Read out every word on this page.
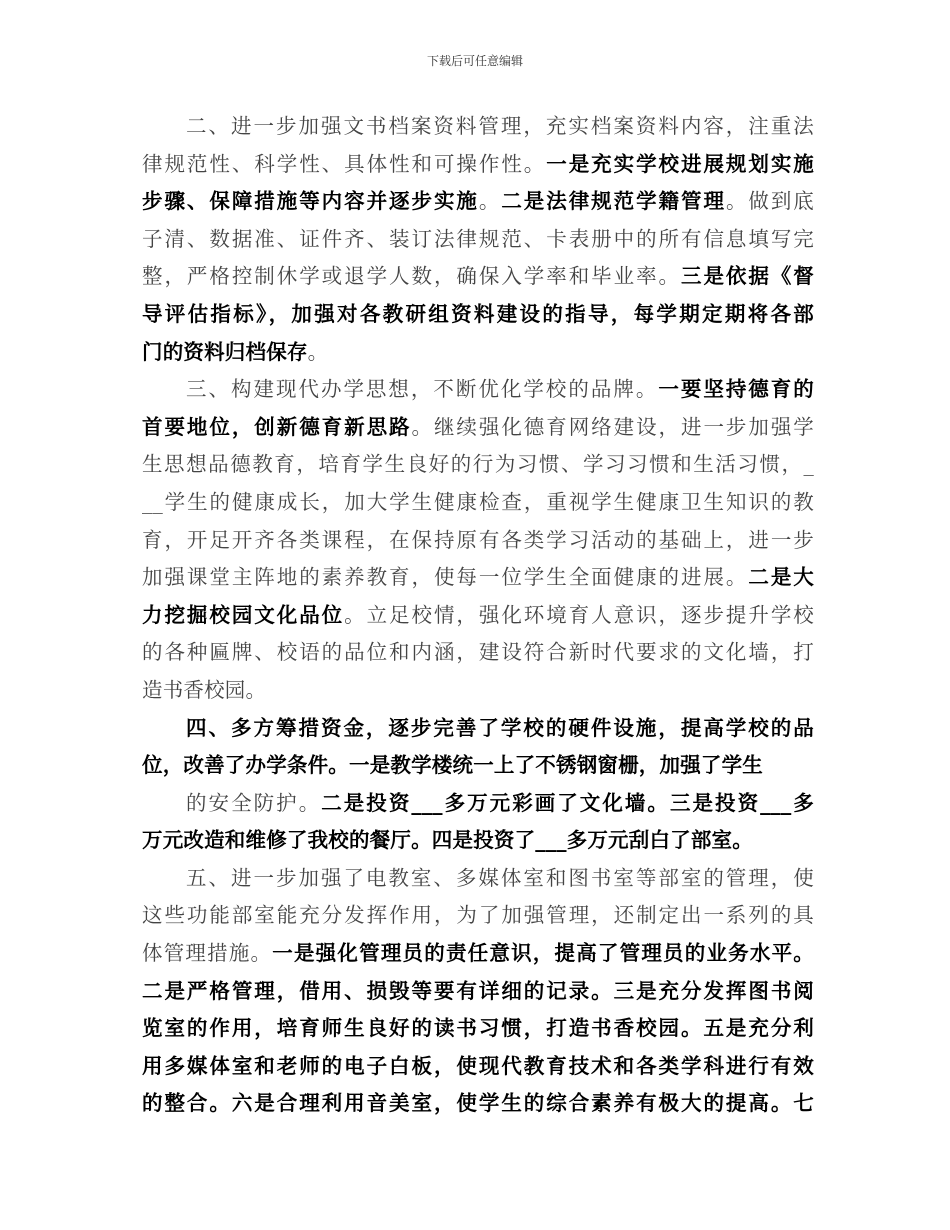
下载后可任意编辑
二、进一步加强文书档案资料管理，充实档案资料内容，注重法
律规范性、科学性、具体性和可操作性。一是充实学校进展规划实施
步骤、保障措施等内容并逐步实施。二是法律规范学籍管理。做到底
子清、数据准、证件齐、装订法律规范、卡表册中的所有信息填写完
整，严格控制休学或退学人数，确保入学率和毕业率。三是依据《督
导评估指标》，加强对各教研组资料建设的指导，每学期定期将各部
门的资料归档保存。
三、构建现代办学思想，不断优化学校的品牌。一要坚持德育的
首要地位，创新德育新思路。继续强化德育网络建设，进一步加强学
生思想品德教育，培育学生良好的行为习惯、学习习惯和生活习惯，_
__学生的健康成长，加大学生健康检查，重视学生健康卫生知识的教
育，开足开齐各类课程，在保持原有各类学习活动的基础上，进一步
加强课堂主阵地的素养教育，使每一位学生全面健康的进展。二是大
力挖掘校园文化品位。立足校情，强化环境育人意识，逐步提升学校
的各种匾牌、校语的品位和内涵，建设符合新时代要求的文化墙，打
造书香校园。
四、多方筹措资金，逐步完善了学校的硬件设施，提高学校的品
位，改善了办学条件。一是教学楼统一上了不锈钢窗栅，加强了学生
的安全防护。二是投资___多万元彩画了文化墙。三是投资___多
万元改造和维修了我校的餐厅。四是投资了___多万元刮白了部室。
五、进一步加强了电教室、多媒体室和图书室等部室的管理，使
这些功能部室能充分发挥作用，为了加强管理，还制定出一系列的具
体管理措施。一是强化管理员的责任意识，提高了管理员的业务水平。
二是严格管理，借用、损毁等要有详细的记录。三是充分发挥图书阅
览室的作用，培育师生良好的读书习惯，打造书香校园。五是充分利
用多媒体室和老师的电子白板，使现代教育技术和各类学科进行有效
的整合。六是合理利用音美室，使学生的综合素养有极大的提高。七
